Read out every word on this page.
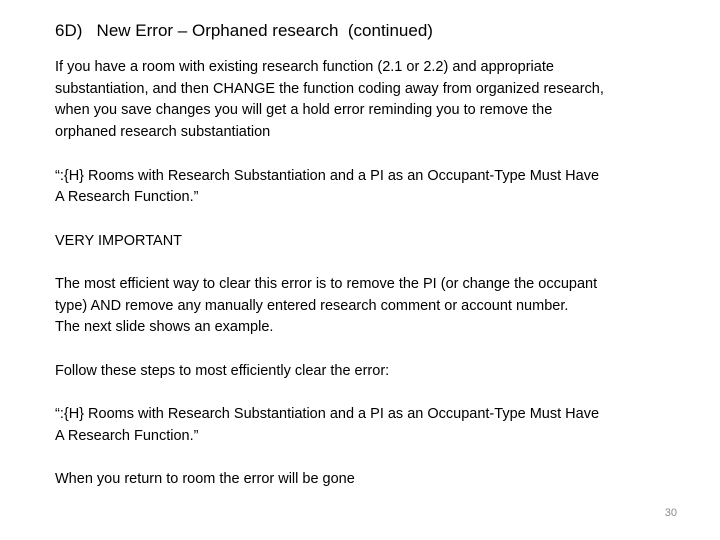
6D)   New Error – Orphaned research  (continued)

If you have a room with existing research function (2.1 or 2.2) and appropriate
substantiation, and then CHANGE the function coding away from organized research,
when you save changes you will get a hold error reminding you to remove the
orphaned research substantiation

“:{H} Rooms with Research Substantiation and a PI as an Occupant-Type Must Have
A Research Function.”

VERY IMPORTANT

The most efficient way to clear this error is to remove the PI (or change the occupant
type) AND remove any manually entered research comment or account number.
The next slide shows an example.

Follow these steps to most efficiently clear the error:

“:{H} Rooms with Research Substantiation and a PI as an Occupant-Type Must Have
A Research Function.”

When you return to room the error will be gone

30
